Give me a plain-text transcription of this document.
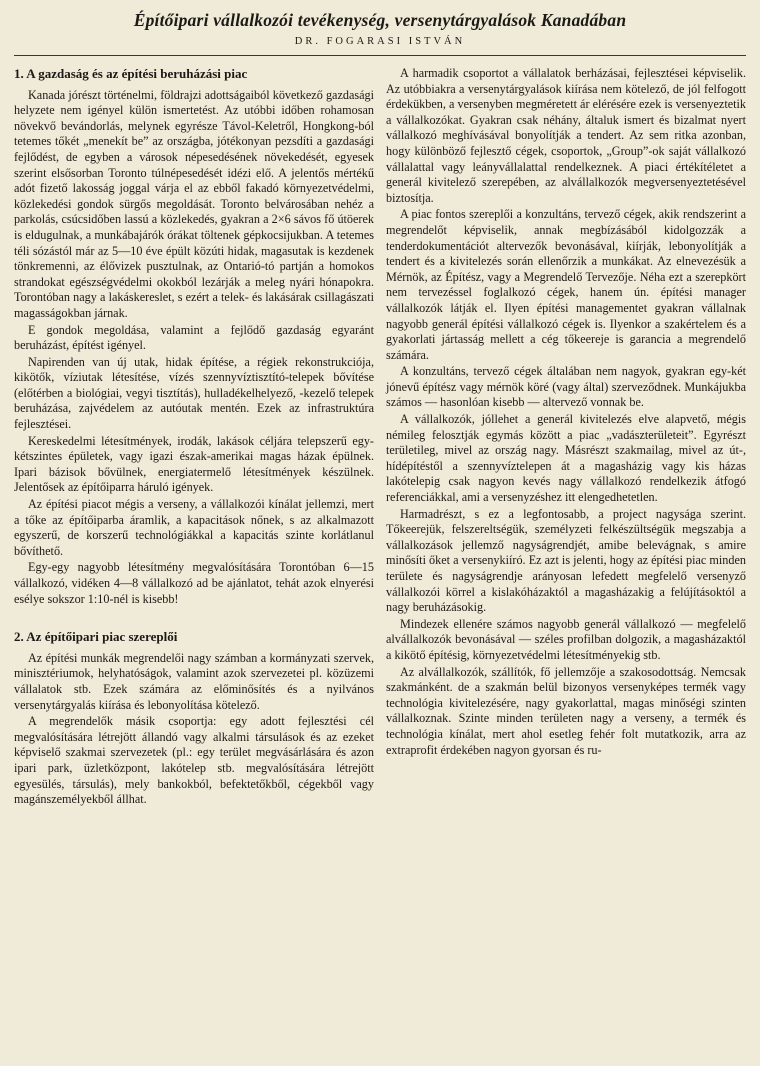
Építőipari vállalkozói tevékenység, versenytárgyalások Kanadában
DR. FOGARASI ISTVÁN
1. A gazdaság és az építési beruházási piac

Kanada jórészt történelmi, földrajzi adottságaiból következő gazdasági helyzete nem igényel külön ismertetést. Az utóbbi időben rohamosan növekvő bevándorlás, melynek egyrésze Távol-Keletről, Hongkong-ból tetemes tőkét „menekít be” az országba, jótékonyan pezsdíti a gazdasági fejlődést, de egyben a városok népesedésének növekedését, egyesek szerint elsősorban Toronto túlnépesedését idézi elő. A jelentős mértékű adót fizető lakosság joggal várja el az ebből fakadó környezetvédelmi, közlekedési gondok sürgős megoldását. Toronto belvárosában nehéz a parkolás, csúcsidőben lassú a közlekedés, gyakran a 2×6 sávos fő útöerek is eldugulnak, a munkábajárók órákat töltenek gépkocsijukban. A tetemes téli sózástól már az 5—10 éve épült közúti hidak, magasutak is kezdenek tönkremenni, az élővizek pusztulnak, az Ontarió-tó partján a homokos strandokat egészségvédelmi okokból lezárják a meleg nyári hónapokra. Torontóban nagy a lakáskereslet, s ezért a telek- és lakásárak csillagászati magasságokban járnak.

E gondok megoldása, valamint a fejlődő gazdaság egyaránt beruházást, építést igényel.

Napirenden van új utak, hidak építése, a régiek rekonstrukciója, kikötők, víziutak létesítése, vízés szennyvíztisztító-telepek bővítése (előtérben a biológiai, vegyi tisztítás), hulladékelhelyező, -kezelő telepek beruházása, zajvédelem az autóutak mentén. Ezek az infrastruktúra fejlesztései.

Kereskedelmi létesítmények, irodák, lakások céljára telepszerű egy-kétszintes épületek, vagy igazi észak-amerikai magas házak épülnek. Ipari bázisok bővülnek, energiatermelő létesítmények készülnek. Jelentősek az építőiparra háruló igények.

Az építési piacot mégis a verseny, a vállalkozói kínálat jellemzi, mert a tőke az építőiparba áramlik, a kapacitások nőnek, s az alkalmazott egyszerű, de korszerű technológiákkal a kapacitás szinte korlátlanul bővíthető.

Egy-egy nagyobb létesítmény megvalósítására Torontóban 6—15 vállalkozó, vidéken 4—8 vállalkozó ad be ajánlatot, tehát azok elnyerési esélye sokszor 1:10-nél is kisebb!

2. Az építőipari piac szereplői

Az építési munkák megrendelői nagy számban a kormányzati szervek, minisztériumok, helyhatóságok, valamint azok szervezetei pl. közüzemi vállalatok stb. Ezek számára az előminősítés és a nyilvános versenytárgyalás kiírása és lebonyolítása kötelező.

A megrendelők másik csoportja: egy adott fejlesztési cél megvalósítására létrejött állandó vagy alkalmi társulások és az ezeket képviselő szakmai szervezetek (pl.: egy terület megvásárlására és azon ipari park, üzletközpont, lakótelep stb. megvalósítására létrejött egyesülés, társulás), mely bankokból, befektetőkből, cégekből vagy magánszemélyekből állhat.

A harmadik csoportot a vállalatok berházásai, fejlesztései képviselik. Az utóbbiakra a versenytárgyalások kiírása nem kötelező, de jól felfogott érdekükben, a versenyben megméretett ár elérésére ezek is versenyeztetik a vállalkozókat. Gyakran csak néhány, általuk ismert és bizalmat nyert vállalkozó meghívásával bonyolítják a tendert. Az sem ritka azonban, hogy különböző fejlesztő cégek, csoportok, „Group”-ok saját vállalkozó vállalattal vagy leányvállalattal rendelkeznek. A piaci értékítéletet a generál kivitelező szerepében, az alvállalkozók megversenyeztetésével biztosítja.

A piac fontos szereplői a konzultáns, tervező cégek, akik rendszerint a megrendelőt képviselik, annak megbízásából kidolgozzák a tenderdokumentációt altervezők bevonásával, kiírják, lebonyolítják a tendert és a kivitelezés során ellenőrzik a munkákat. Az elnevezésük a Mérnök, az Építész, vagy a Megrendelő Tervezője. Néha ezt a szerepkört nem tervezéssel foglalkozó cégek, hanem ún. építési manager vállalkozók látják el. Ilyen építési managementet gyakran vállalnak nagyobb generál építési vállalkozó cégek is. Ilyenkor a szakértelem és a gyakorlati jártasság mellett a cég tőkeereje is garancia a megrendelő számára.

A konzultáns, tervező cégek általában nem nagyok, gyakran egy-két jónevű építész vagy mérnök köré (vagy által) szerveződnek. Munkájukba számos — hasonlóan kisebb — altervező vonnak be.

A vállalkozók, jóllehet a generál kivitelezés elve alapvető, mégis némileg felosztják egymás között a piac „vadászterületeit”. Egyrészt területileg, mivel az ország nagy. Másrészt szakmailag, mivel az út-, hídépítéstől a szennyvíztelepen át a magasházig vagy kis házas lakótelepig csak nagyon kevés nagy vállalkozó rendelkezik átfogó referenciákkal, ami a versenyzéshez itt elengedhetetlen.

Harmadrészt, s ez a legfontosabb, a project nagysága szerint. Tőkeerejük, felszereltségük, személyzeti felkészültségük megszabja a vállalkozások jellemző nagyságrendjét, amibe belevágnak, s amire minősíti őket a versenykiíró. Ez azt is jelenti, hogy az építési piac minden területe és nagyságrendje arányosan lefedett megfelelő versenyző vállalkozói körrel a kislakóházaktól a magasházakig a felújításoktól a nagy beruházásokig.

Mindezek ellenére számos nagyobb generál vállalkozó — megfelelő alvállalkozók bevonásával — széles profilban dolgozik, a magasházaktól a kikötő építésig, környezetvédelmi létesítményekig stb.

Az alvállalkozók, szállítók, fő jellemzője a szakosodottság. Nemcsak szakmánként. de a szakmán belül bizonyos versenyképes termék vagy technológia kivitelezésére, nagy gyakorlattal, magas minőségi szinten vállalkoznak. Szinte minden területen nagy a verseny, a termék és technológia kínálat, mert ahol esetleg fehér folt mutatkozik, arra az extraprofit érdekében nagyon gyorsan és ru-
